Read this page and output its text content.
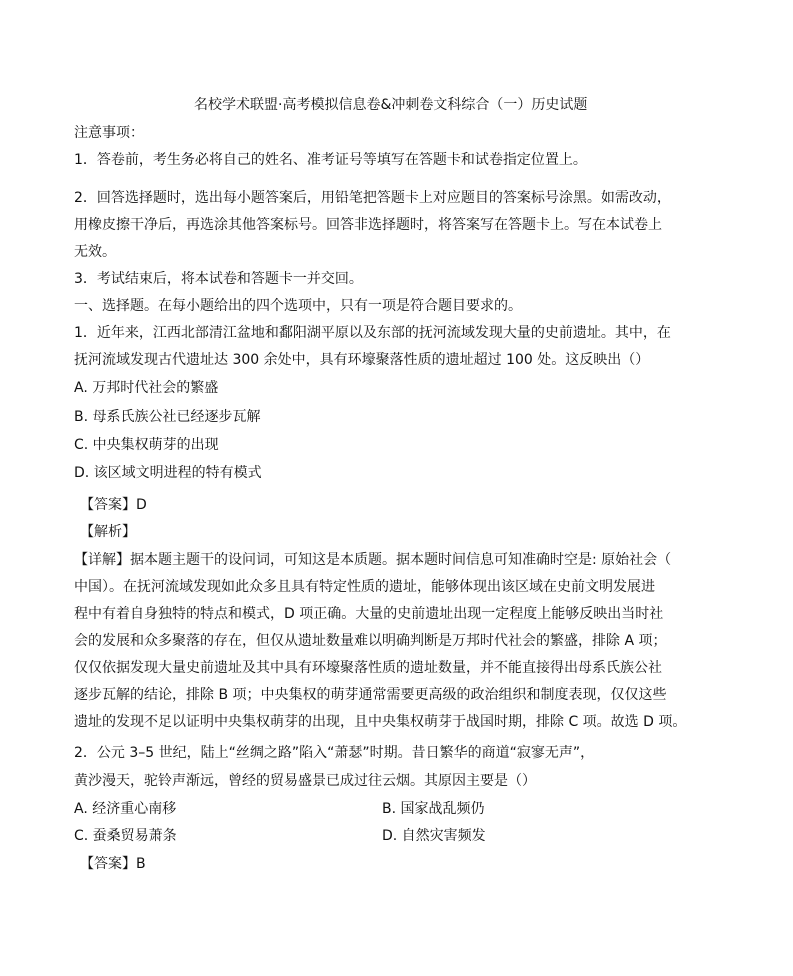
名校学术联盟·高考模拟信息卷&冲刺卷文科综合（一）历史试题
注意事项：
1．答卷前，考生务必将自己的姓名、准考证号等填写在答题卡和试卷指定位置上。
2．回答选择题时，选出每小题答案后，用铅笔把答题卡上对应题目的答案标号涂黑。如需改动，
用橡皮擦干净后，再选涂其他答案标号。回答非选择题时，将答案写在答题卡上。写在本试卷上
无效。
3．考试结束后，将本试卷和答题卡一并交回。
一、选择题。在每小题给出的四个选项中，只有一项是符合题目要求的。
1．近年来，江西北部清江盆地和鄱阳湖平原以及东部的抚河流域发现大量的史前遗址。其中，在
抚河流域发现古代遗址达 300 余处中，具有环壕聚落性质的遗址超过 100 处。这反映出（）
A. 万邦时代社会的繁盛
B. 母系氏族公社已经逐步瓦解
C. 中央集权萌芽的出现
D. 该区域文明进程的特有模式
【答案】D
【解析】
【详解】据本题主题干的设问词，可知这是本质题。据本题时间信息可知准确时空是: 原始社会（
中国）。在抚河流域发现如此众多且具有特定性质的遗址，能够体现出该区域在史前文明发展进
程中有着自身独特的特点和模式，D 项正确。大量的史前遗址出现一定程度上能够反映出当时社
会的发展和众多聚落的存在，但仅从遗址数量难以明确判断是万邦时代社会的繁盛，排除 A 项；
仅仅依据发现大量史前遗址及其中具有环壕聚落性质的遗址数量，并不能直接得出母系氏族公社
逐步瓦解的结论，排除 B 项；中央集权的萌芽通常需要更高级的政治组织和制度表现，仅仅这些
遗址的发现不足以证明中央集权萌芽的出现，且中央集权萌芽于战国时期，排除 C 项。故选 D 项。
2．公元 3–5 世纪，陆上“丝绸之路”陷入“萧瑟”时期。昔日繁华的商道“寂寥无声”，
黄沙漫天，驼铃声渐远，曾经的贸易盛景已成过往云烟。其原因主要是（）
A. 经济重心南移	B. 国家战乱频仍
C. 蚕桑贸易萧条	D. 自然灾害频发
【答案】B
